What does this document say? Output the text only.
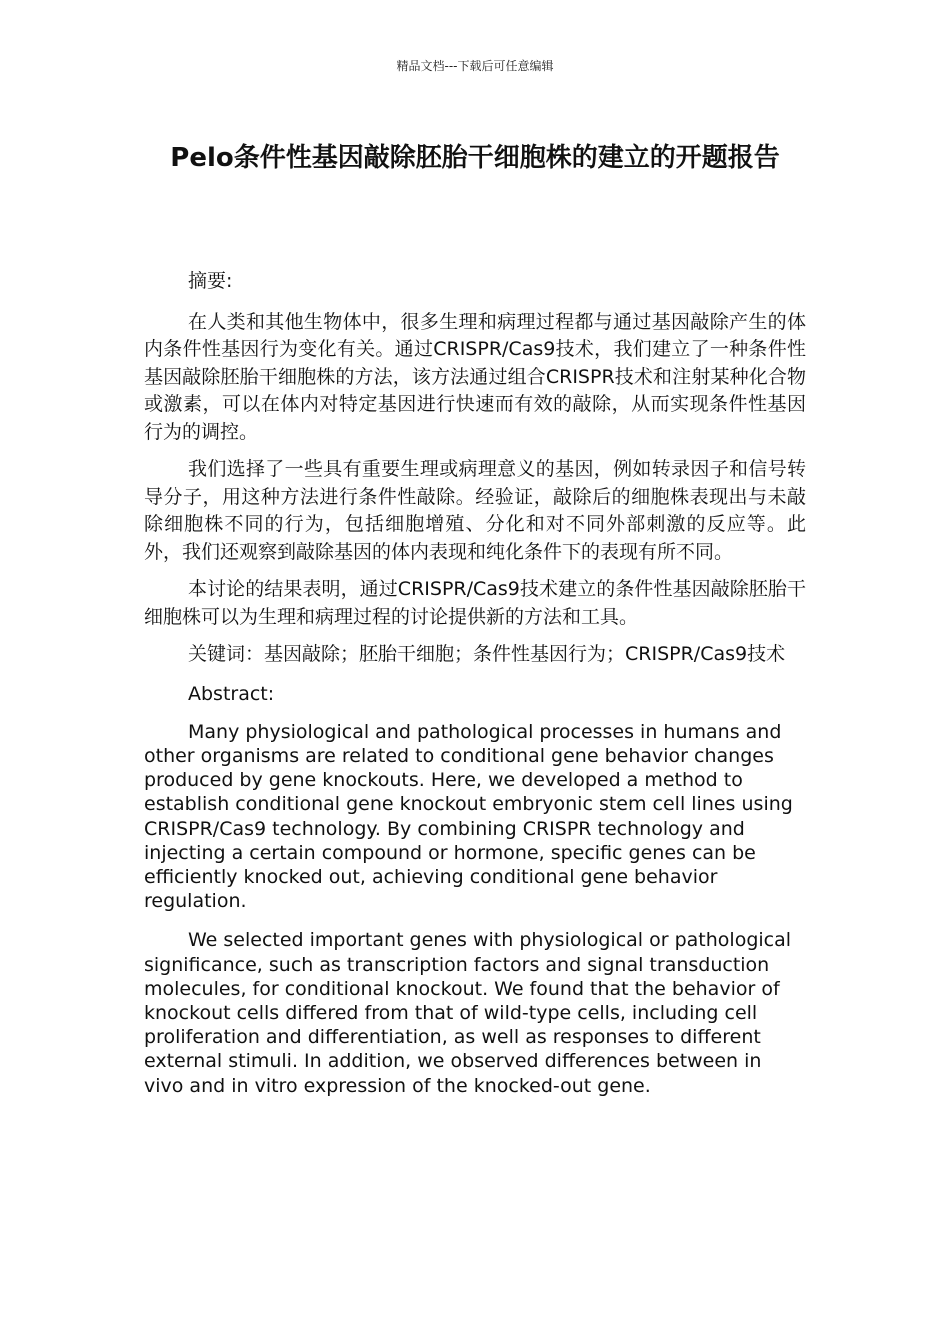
精品文档---下载后可任意编辑
Pelo条件性基因敲除胚胎干细胞株的建立的开题报告

摘要:

在人类和其他生物体中，很多生理和病理过程都与通过基因敲除产生的体内条件性基因行为变化有关。通过CRISPR/Cas9技术，我们建立了一种条件性基因敲除胚胎干细胞株的方法，该方法通过组合CRISPR技术和注射某种化合物或激素，可以在体内对特定基因进行快速而有效的敲除，从而实现条件性基因行为的调控。

我们选择了一些具有重要生理或病理意义的基因，例如转录因子和信号转导分子，用这种方法进行条件性敲除。经验证，敲除后的细胞株表现出与未敲除细胞株不同的行为，包括细胞增殖、分化和对不同外部刺激的反应等。此外，我们还观察到敲除基因的体内表现和纯化条件下的表现有所不同。

本讨论的结果表明，通过CRISPR/Cas9技术建立的条件性基因敲除胚胎干细胞株可以为生理和病理过程的讨论提供新的方法和工具。

关键词：基因敲除；胚胎干细胞；条件性基因行为；CRISPR/Cas9技术

Abstract:

Many physiological and pathological processes in humans and other organisms are related to conditional gene behavior changes produced by gene knockouts. Here, we developed a method to establish conditional gene knockout embryonic stem cell lines using CRISPR/Cas9 technology. By combining CRISPR technology and injecting a certain compound or hormone, specific genes can be efficiently knocked out, achieving conditional gene behavior regulation.

We selected important genes with physiological or pathological significance, such as transcription factors and signal transduction molecules, for conditional knockout. We found that the behavior of knockout cells differed from that of wild-type cells, including cell proliferation and differentiation, as well as responses to different external stimuli. In addition, we observed differences between in vivo and in vitro expression of the knocked-out gene.
